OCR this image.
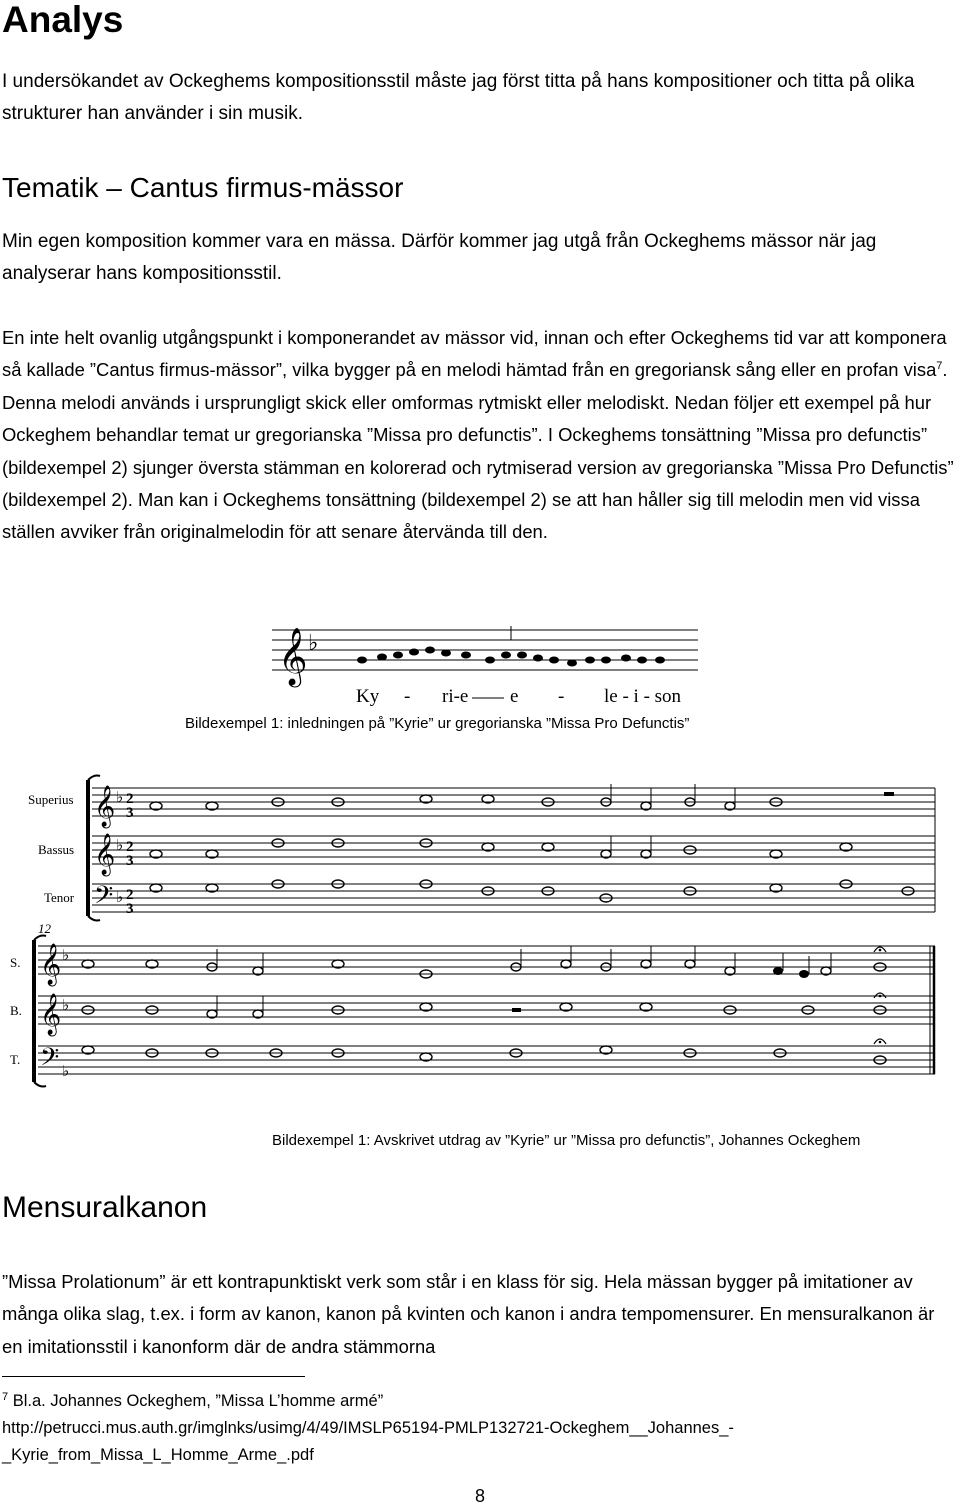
Analys

I undersökandet av Ockeghems kompositionsstil måste jag först titta på hans kompositioner och titta på olika strukturer han använder i sin musik.

Tematik – Cantus firmus-mässor

Min egen komposition kommer vara en mässa. Därför kommer jag utgå från Ockeghems mässor när jag analyserar hans kompositionsstil.

En inte helt ovanlig utgångspunkt i komponerandet av mässor vid, innan och efter Ockeghems tid var att komponera så kallade ”Cantus firmus-mässor”, vilka bygger på en melodi hämtad från en gregoriansk sång eller en profan visa$^7$. Denna melodi används i ursprungligt skick eller omformas rytmiskt eller melodiskt. Nedan följer ett exempel på hur Ockeghem behandlar temat ur gregorianska ”Missa pro defunctis”. I Ockeghems tonsättning ”Missa pro defunctis” (bildexempel 2) sjunger översta stämman en kolorerad och rytmiserad version av gregorianska ”Missa Pro Defunctis” (bildexempel 2). Man kan i Ockeghems tonsättning (bildexempel 2) se att han håller sig till melodin men vid vissa ställen avviker från originalmelodin för att senare återvända till den.

𝄞 ♭
Ky - ri-e e - le - i - son
Bildexempel 1: inledningen på ”Kyrie” ur gregorianska ”Missa Pro Defunctis”
Superius
Bassus
Tenor
12
S.
B.
T.
𝄞
𝄞
𝄢
♭
♭
♭
2
3
2
3
2
3
𝄞
𝄞
𝄢
♭
♭
♭
Bildexempel 1: Avskrivet utdrag av ”Kyrie” ur ”Missa pro defunctis”, Johannes Ockeghem
Mensuralkanon

”Missa Prolationum” är ett kontrapunktiskt verk som står i en klass för sig. Hela mässan bygger på imitationer av många olika slag, t.ex. i form av kanon, kanon på kvinten och kanon i andra tempomensurer. En mensuralkanon är en imitationsstil i kanonform där de andra stämmorna

$^7$ Bl.a. Johannes Ockeghem, ”Missa L’homme armé”
http://petrucci.mus.auth.gr/imglnks/usimg/4/49/IMSLP65194-PMLP132721-Ockeghem__Johannes_-
_Kyrie_from_Missa_L_Homme_Arme_.pdf
8
